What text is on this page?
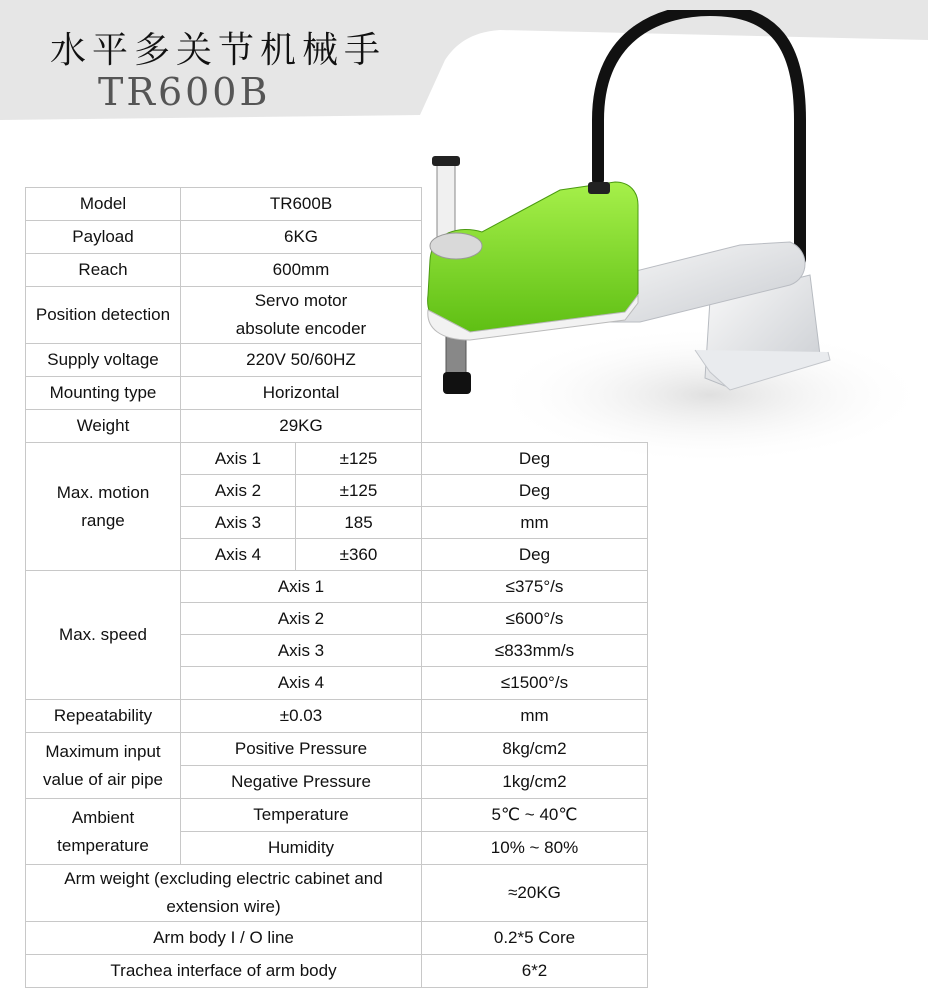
水平多关节机械手
TR600B
Model	TR600B		
Payload	6KG		
Reach	600mm		
Position detection	Servo motor
absolute encoder		

Supply voltage	220V 50/60HZ		
Mounting type	Horizontal		
Weight	29KG		

Max. motion
range	Axis 1	±125	Deg
	Axis 2	±125	Deg
	Axis 3	185	mm
	Axis 4	±360	Deg
Max. speed	Axis 1		≤375°/s
	Axis 2		≤600°/s
	Axis 3		≤833mm/s
	Axis 4		≤1500°/s
Repeatability	±0.03		mm

Maximum input
value of air pipe	Positive Pressure		8kg/cm2
	Negative Pressure		1kg/cm2

Ambient
temperature	Temperature		5℃ ~ 40℃
	Humidity		10% ~ 80%

Arm weight (excluding electric cabinet and
extension wire)			≈20KG
Arm body I / O line			0.2*5 Core
Trachea interface of arm body			6*2
